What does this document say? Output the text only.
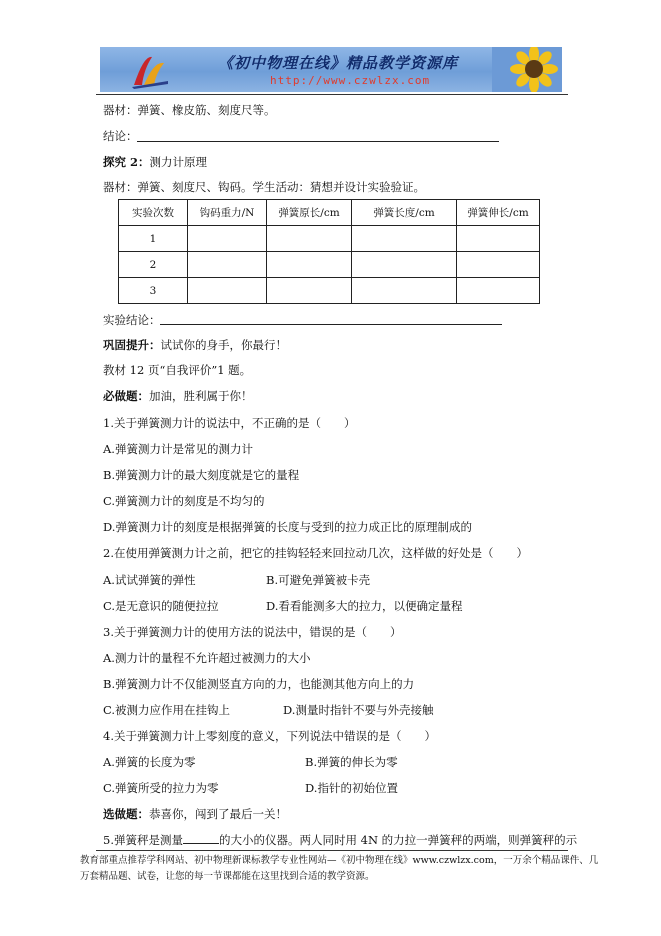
《初中物理在线》精品教学资源库
http://www.czwlzx.com
器材：弹簧、橡皮筋、刻度尺等。
结论：
探究 2：测力计原理
器材：弹簧、刻度尺、钩码。学生活动：猜想并设计实验验证。
实验次数	钩码重力/N	弹簧原长/cm	弹簧长度/cm	弹簧伸长/cm
1				
2				
3				
实验结论：
巩固提升：试试你的身手，你最行！
教材 12 页“自我评价”1 题。
必做题：加油，胜利属于你！
1.关于弹簧测力计的说法中，不正确的是（　　）
A.弹簧测力计是常见的测力计
B.弹簧测力计的最大刻度就是它的量程
C.弹簧测力计的刻度是不均匀的
D.弹簧测力计的刻度是根据弹簧的长度与受到的拉力成正比的原理制成的
2.在使用弹簧测力计之前，把它的挂钩轻轻来回拉动几次，这样做的好处是（　　）
A.试试弹簧的弹性	B.可避免弹簧被卡壳
C.是无意识的随便拉拉	D.看看能测多大的拉力，以便确定量程
3.关于弹簧测力计的使用方法的说法中，错误的是（　　）
A.测力计的量程不允许超过被测力的大小
B.弹簧测力计不仅能测竖直方向的力，也能测其他方向上的力
C.被测力应作用在挂钩上	D.测量时指针不要与外壳接触
4.关于弹簧测力计上零刻度的意义，下列说法中错误的是（　　）
A.弹簧的长度为零	B.弹簧的伸长为零
C.弹簧所受的拉力为零	D.指针的初始位置
选做题：恭喜你，闯到了最后一关！
5.弹簧秤是测量	的大小的仪器。两人同时用 4N 的力拉一弹簧秤的两端，则弹簧秤的示
教育部重点推荐学科网站、初中物理新课标教学专业性网站—《初中物理在线》www.czwlzx.com，一万余个精品课件、几万套精品题、试卷，让您的每一节课都能在这里找到合适的教学资源。
